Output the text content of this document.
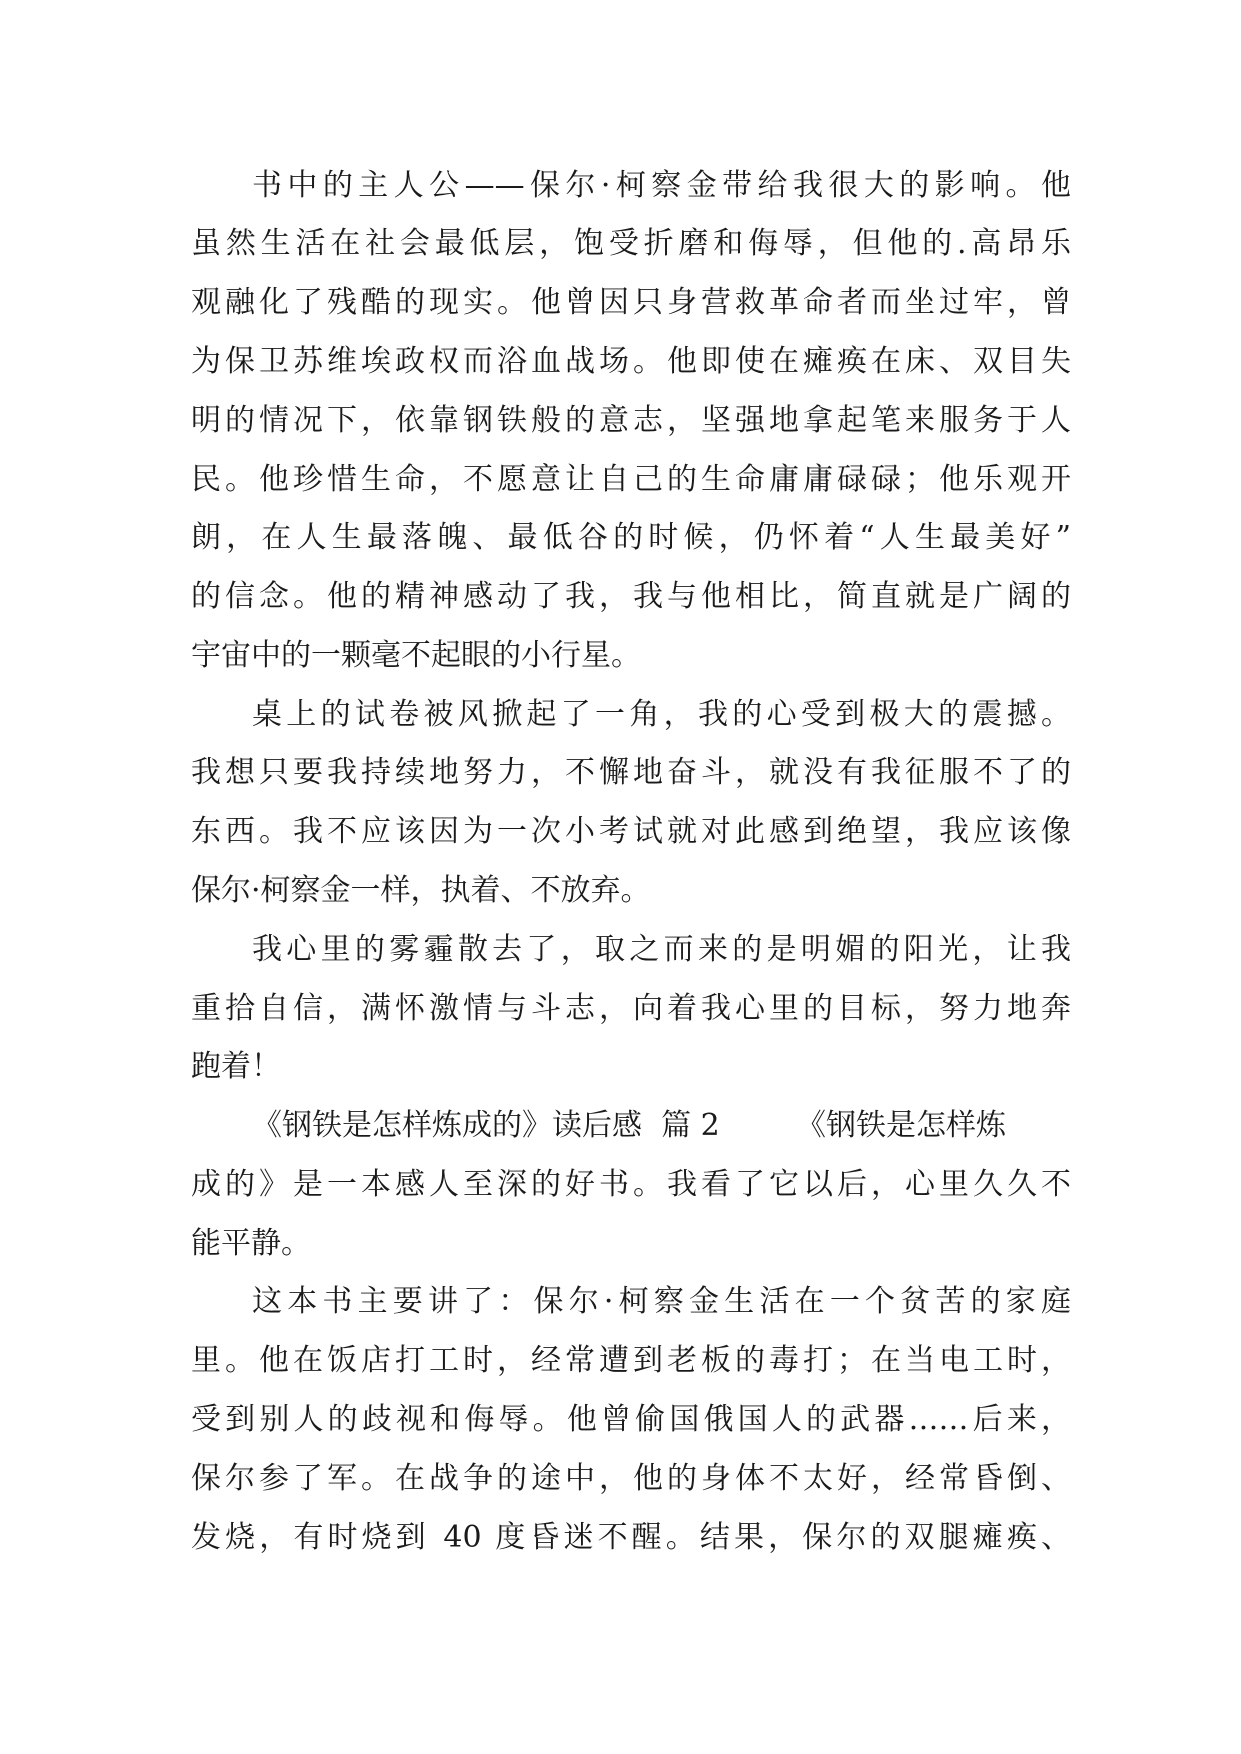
书中的主人公——保尔·柯察金带给我很大的影响。他
虽然生活在社会最低层，饱受折磨和侮辱，但他的.高昂乐
观融化了残酷的现实。他曾因只身营救革命者而坐过牢，曾
为保卫苏维埃政权而浴血战场。他即使在瘫痪在床、双目失
明的情况下，依靠钢铁般的意志，坚强地拿起笔来服务于人
民。他珍惜生命，不愿意让自己的生命庸庸碌碌；他乐观开
朗，在人生最落魄、最低谷的时候，仍怀着“人生最美好”
的信念。他的精神感动了我，我与他相比，简直就是广阔的
宇宙中的一颗毫不起眼的小行星。
桌上的试卷被风掀起了一角，我的心受到极大的震撼。
我想只要我持续地努力，不懈地奋斗，就没有我征服不了的
东西。我不应该因为一次小考试就对此感到绝望，我应该像
保尔·柯察金一样，执着、不放弃。
我心里的雾霾散去了，取之而来的是明媚的阳光，让我
重拾自信，满怀激情与斗志，向着我心里的目标，努力地奔
跑着！
《钢铁是怎样炼成的》读后感  篇 2        《钢铁是怎样炼
成的》是一本感人至深的好书。我看了它以后，心里久久不
能平静。
这本书主要讲了：保尔·柯察金生活在一个贫苦的家庭
里。他在饭店打工时，经常遭到老板的毒打；在当电工时，
受到别人的歧视和侮辱。他曾偷国俄国人的武器……后来，
保尔参了军。在战争的途中，他的身体不太好，经常昏倒、
发烧，有时烧到 40 度昏迷不醒。结果，保尔的双腿瘫痪、
